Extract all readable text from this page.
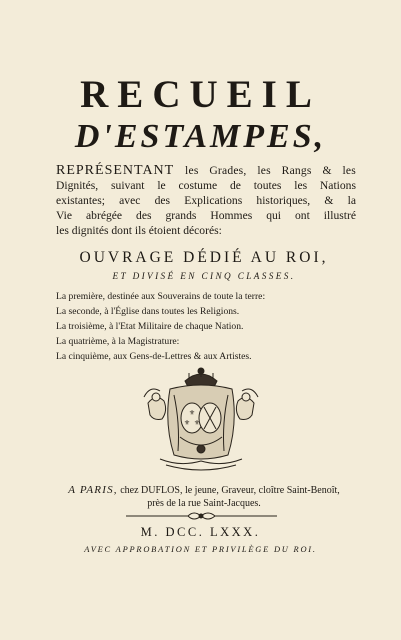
RECUEIL
D'ESTAMPES,
REPRÉSENTANT les Grades, les Rangs & les
Dignités, suivant le costume de toutes les Nations
existantes; avec des Explications historiques, & la
Vie abrégée des grands Hommes qui ont illustré
les dignités dont ils étoient décorés:
OUVRAGE DÉDIÉ AU ROI,
ET DIVISÉ EN CINQ CLASSES.
La première, destinée aux Souverains de toute la terre:
La seconde, à l'Église dans toutes les Religions.
La troisième, à l'Etat Militaire de chaque Nation.
La quatrième, à la Magistrature:
La cinquième, aux Gens-de-Lettres & aux Artistes.
⚜
⚜ ⚜
A PARIS, chez DUFLOS, le jeune, Graveur, cloître Saint-Benoît,
près de la rue Saint-Jacques.
M. DCC. LXXX.
AVEC APPROBATION ET PRIVILÈGE DU ROI.
